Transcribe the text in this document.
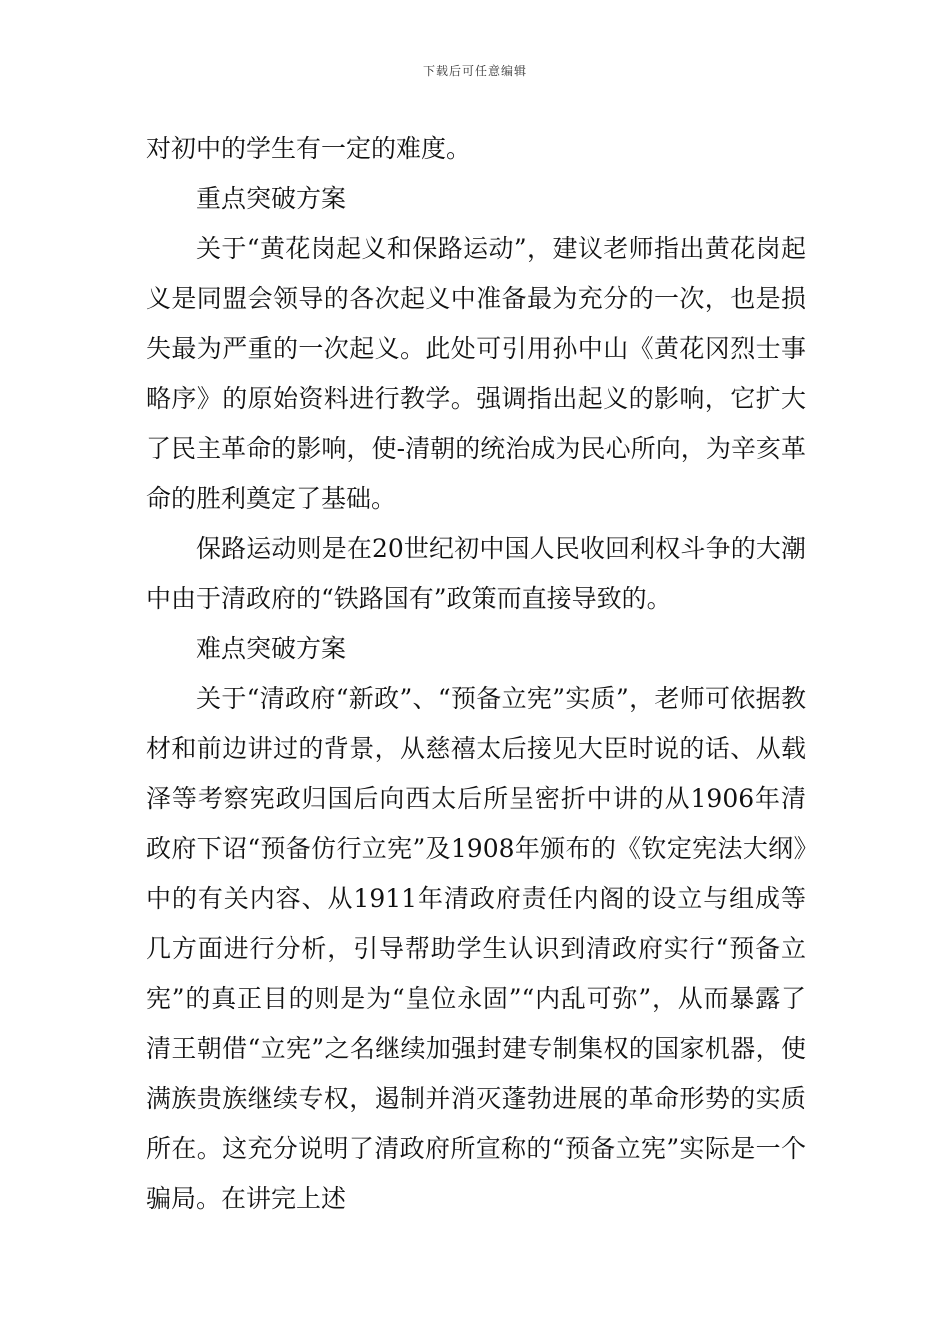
下载后可任意编辑

对初中的学生有一定的难度。

重点突破方案

关于“黄花岗起义和保路运动”，建议老师指出黄花岗起义是同盟会领导的各次起义中准备最为充分的一次，也是损失最为严重的一次起义。此处可引用孙中山《黄花冈烈士事略序》的原始资料进行教学。强调指出起义的影响，它扩大了民主革命的影响，使-清朝的统治成为民心所向，为辛亥革命的胜利奠定了基础。

保路运动则是在20世纪初中国人民收回利权斗争的大潮中由于清政府的“铁路国有”政策而直接导致的。

难点突破方案

关于“清政府“新政”、“预备立宪”实质”，老师可依据教材和前边讲过的背景，从慈禧太后接见大臣时说的话、从载泽等考察宪政归国后向西太后所呈密折中讲的从1906年清政府下诏“预备仿行立宪”及1908年颁布的《钦定宪法大纲》中的有关内容、从1911年清政府责任内阁的设立与组成等几方面进行分析，引导帮助学生认识到清政府实行“预备立宪”的真正目的则是为“皇位永固”“内乱可弥”，从而暴露了清王朝借“立宪”之名继续加强封建专制集权的国家机器，使满族贵族继续专权，遏制并消灭蓬勃进展的革命形势的实质所在。这充分说明了清政府所宣称的“预备立宪”实际是一个骗局。在讲完上述
